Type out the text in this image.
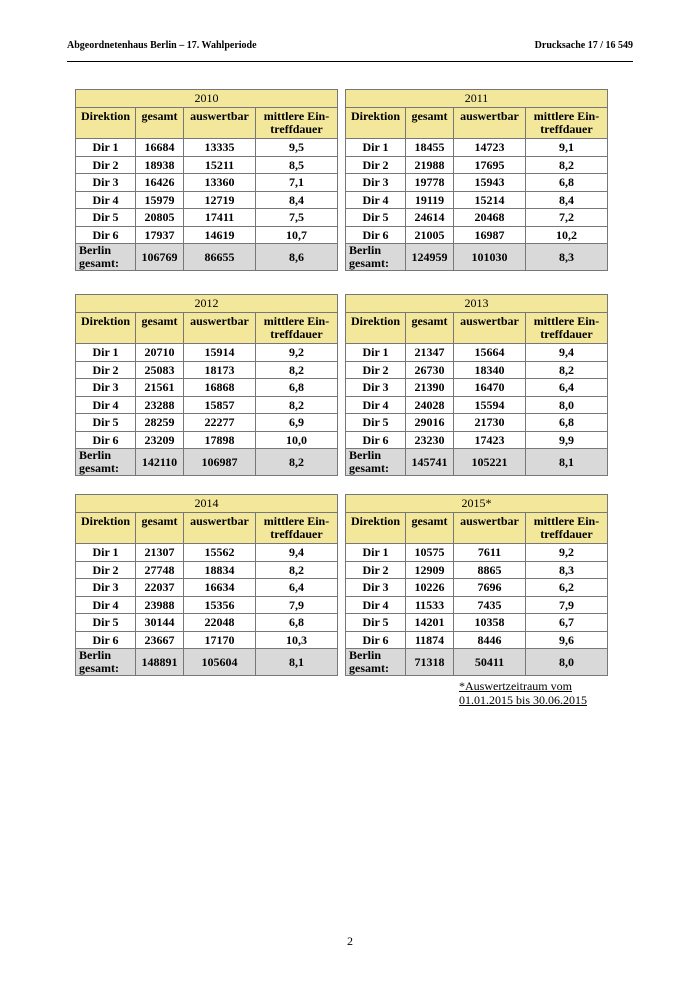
Abgeordnetenhaus Berlin – 17. Wahlperiode	Drucksache 17 / 16 549
2010			
Direktion	gesamt	auswertbar	mittlere Ein-
treffdauer
Dir 1	16684	13335	9,5
Dir 2	18938	15211	8,5
Dir 3	16426	13360	7,1
Dir 4	15979	12719	8,4
Dir 5	20805	17411	7,5
Dir 6	17937	14619	10,7
Berlin
gesamt:	106769	86655	8,6
2011			
Direktion	gesamt	auswertbar	mittlere Ein-
treffdauer
Dir 1	18455	14723	9,1
Dir 2	21988	17695	8,2
Dir 3	19778	15943	6,8
Dir 4	19119	15214	8,4
Dir 5	24614	20468	7,2
Dir 6	21005	16987	10,2
Berlin
gesamt:	124959	101030	8,3
2012			
Direktion	gesamt	auswertbar	mittlere Ein-
treffdauer
Dir 1	20710	15914	9,2
Dir 2	25083	18173	8,2
Dir 3	21561	16868	6,8
Dir 4	23288	15857	8,2
Dir 5	28259	22277	6,9
Dir 6	23209	17898	10,0
Berlin
gesamt:	142110	106987	8,2
2013			
Direktion	gesamt	auswertbar	mittlere Ein-
treffdauer
Dir 1	21347	15664	9,4
Dir 2	26730	18340	8,2
Dir 3	21390	16470	6,4
Dir 4	24028	15594	8,0
Dir 5	29016	21730	6,8
Dir 6	23230	17423	9,9
Berlin
gesamt:	145741	105221	8,1
2014			
Direktion	gesamt	auswertbar	mittlere Ein-
treffdauer
Dir 1	21307	15562	9,4
Dir 2	27748	18834	8,2
Dir 3	22037	16634	6,4
Dir 4	23988	15356	7,9
Dir 5	30144	22048	6,8
Dir 6	23667	17170	10,3
Berlin
gesamt:	148891	105604	8,1
2015*			
Direktion	gesamt	auswertbar	mittlere Ein-
treffdauer
Dir 1	10575	7611	9,2
Dir 2	12909	8865	8,3
Dir 3	10226	7696	6,2
Dir 4	11533	7435	7,9
Dir 5	14201	10358	6,7
Dir 6	11874	8446	9,6
Berlin
gesamt:	71318	50411	8,0
*Auswertzeitraum vom
01.01.2015 bis 30.06.2015
2
